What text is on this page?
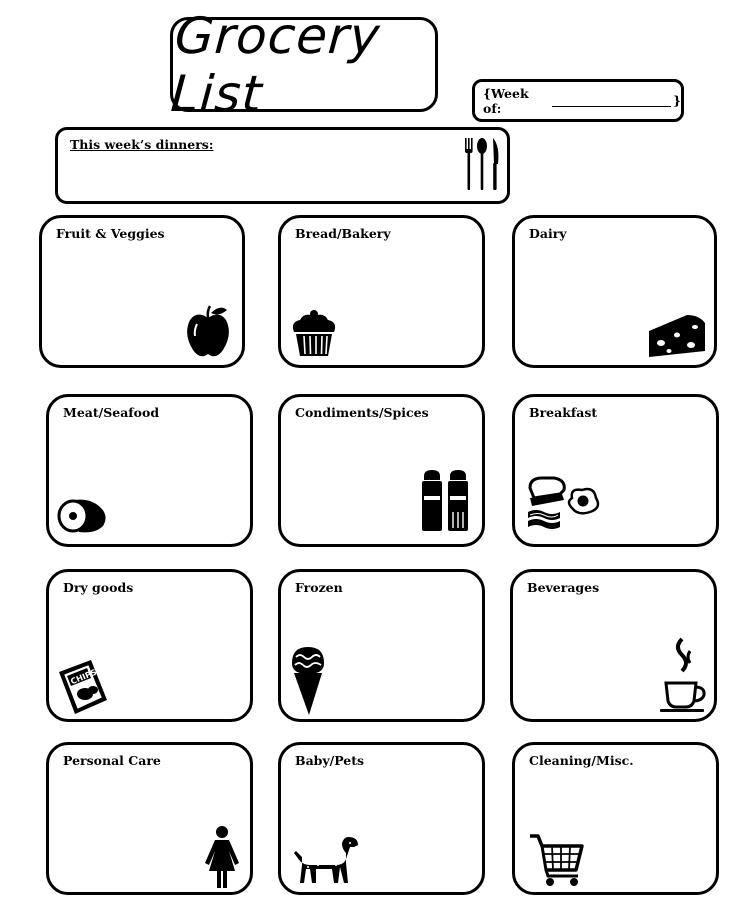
Grocery List	{Week of:	}
This week’s dinners:
Fruit & Veggies	Bread/Bakery	Dairy
Meat/Seafood	Condiments/Spices	Breakfast
Dry goods
CHIPS
Frozen	Beverages
Personal Care	Baby/Pets	Cleaning/Misc.
